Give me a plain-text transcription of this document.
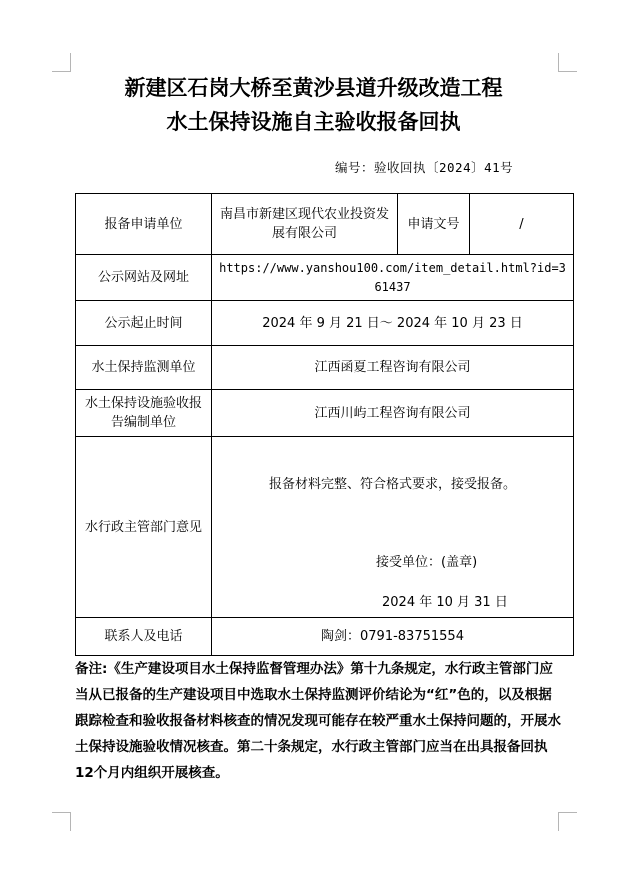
新建区石岗大桥至黄沙县道升级改造工程
水土保持设施自主验收报备回执
编号：验收回执〔2024〕41号
报备申请单位	南昌市新建区现代农业投资发展有限公司	申请文号	/
公示网站及网址	https://www.yanshou100.com/item_detail.html?id=361437		
公示起止时间	2024 年 9 月 21 日～ 2024 年 10 月 23 日		
水土保持监测单位	江西函夏工程咨询有限公司		
水土保持设施验收报告编制单位	江西川屿工程咨询有限公司		
水行政主管部门意见	报备材料完整、符合格式要求，接受报备。
接受单位：(盖章)
2024 年 10 月 31 日		

联系人及电话	陶剑：0791-83751554		
备注:《生产建设项目水土保持监督管理办法》第十九条规定，水行政主管部门应当从已报备的生产建设项目中选取水土保持监测评价结论为“红”色的，以及根据跟踪检查和验收报备材料核查的情况发现可能存在较严重水土保持问题的，开展水土保持设施验收情况核查。第二十条规定，水行政主管部门应当在出具报备回执12个月内组织开展核查。
